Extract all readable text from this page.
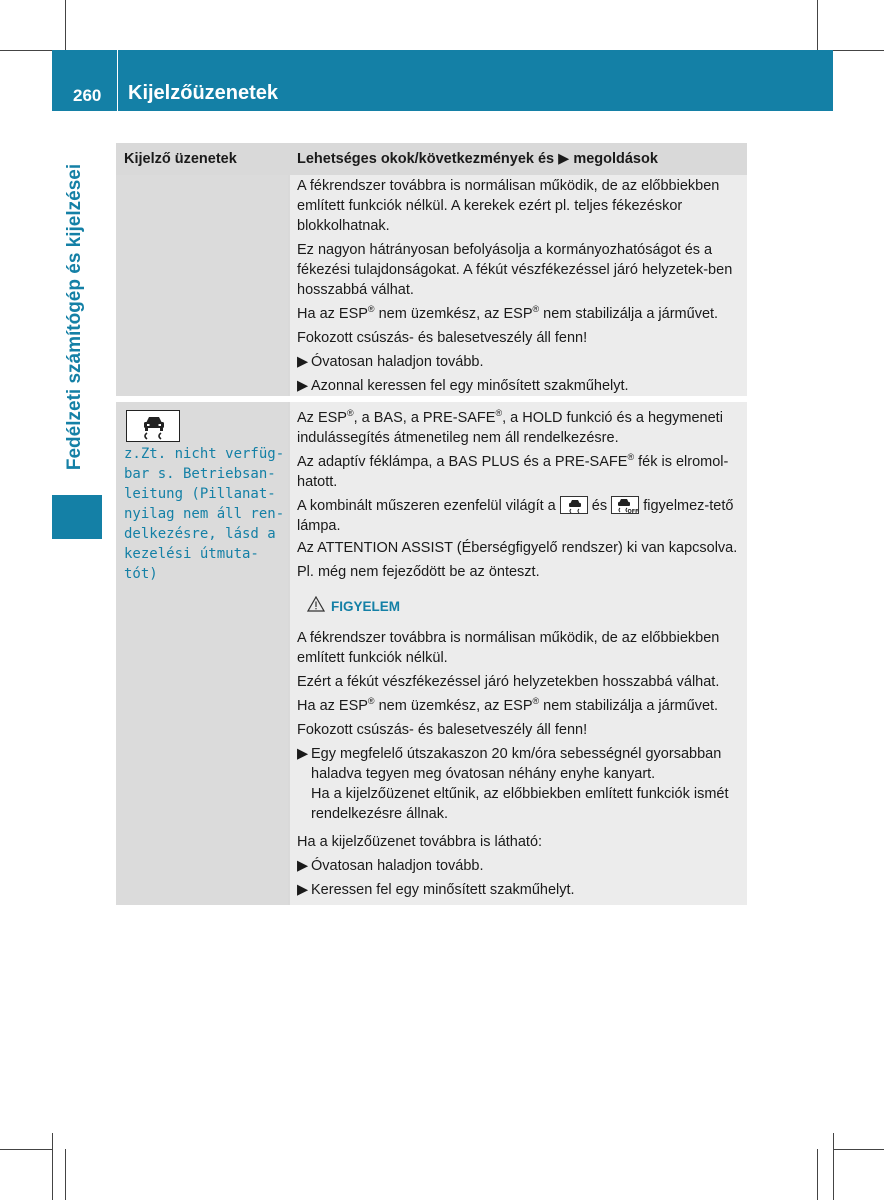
260 Kijelzőüzenetek
Fedélzeti számítógép és kijelzései
Kijelző üzenetek	Lehetséges okok/következmények és ▶ megoldások

A fékrendszer továbbra is normálisan működik, de az előbbiekben említett funkciók nélkül. A kerekek ezért pl. teljes fékezéskor blokkolhatnak.

Ez nagyon hátrányosan befolyásolja a kormányozhatóságot és a fékezési tulajdonságokat. A fékút vészfékezéssel járó helyzetek-ben hosszabbá válhat.

Ha az ESP® nem üzemkész, az ESP® nem stabilizálja a járművet.

Fokozott csúszás- és balesetveszély áll fenn!

▶ Óvatosan haladjon tovább.

▶ Azonnal keressen fel egy minősített szakműhelyt.

z.Zt. nicht verfüg-
bar s. Betriebsan-
leitung (Pillanat-
nyilag nem áll ren-
delkezésre, lásd a
kezelési útmuta-
tót)

Az ESP®, a BAS, a PRE-SAFE®, a HOLD funkció és a hegymeneti indulássegítés átmenetileg nem áll rendelkezésre.

Az adaptív féklámpa, a BAS PLUS és a PRE-SAFE® fék is elromol-hatott.

A kombinált műszeren ezenfelül világít a és	OFF figyelmez-tető lámpa.

Az ATTENTION ASSIST (Éberségfigyelő rendszer) ki van kapcsolva.

Pl. még nem fejeződött be az önteszt.

FIGYELEM

A fékrendszer továbbra is normálisan működik, de az előbbiekben említett funkciók nélkül.

Ezért a fékút vészfékezéssel járó helyzetekben hosszabbá válhat.

Ha az ESP® nem üzemkész, az ESP® nem stabilizálja a járművet.

Fokozott csúszás- és balesetveszély áll fenn!

▶ Egy megfelelő útszakaszon 20 km/óra sebességnél gyorsabban haladva tegyen meg óvatosan néhány enyhe kanyart.
Ha a kijelzőüzenet eltűnik, az előbbiekben említett funkciók ismét rendelkezésre állnak.

Ha a kijelzőüzenet továbbra is látható:

▶ Óvatosan haladjon tovább.

▶ Keressen fel egy minősített szakműhelyt.
